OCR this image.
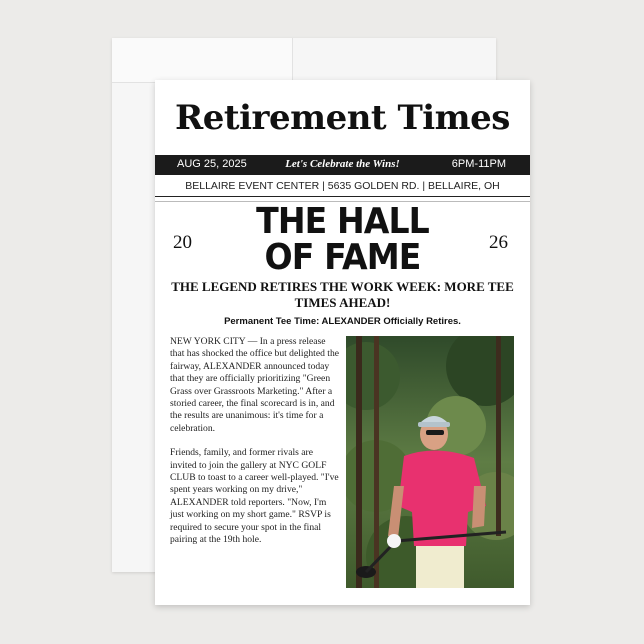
Retirement Times
AUG 25, 2025	Let's Celebrate the Wins!	6PM-11PM
BELLAIRE EVENT CENTER | 5635 GOLDEN RD. | BELLAIRE, OH
20	26
THE HALL
OF FAME
THE LEGEND RETIRES THE WORK WEEK: MORE TEE TIMES AHEAD!
Permanent Tee Time: ALEXANDER Officially Retires.

NEW YORK CITY — In a press release that has shocked the office but delighted the fairway, ALEXANDER announced today that they are officially prioritizing "Green Grass over Grassroots Marketing." After a storied career, the final scorecard is in, and the results are unanimous: it's time for a celebration.

Friends, family, and former rivals are invited to join the gallery at NYC GOLF CLUB to toast to a career well-played. "I've spent years working on my drive," ALEXANDER told reporters. "Now, I'm just working on my short game." RSVP is required to secure your spot in the final pairing at the 19th hole.
